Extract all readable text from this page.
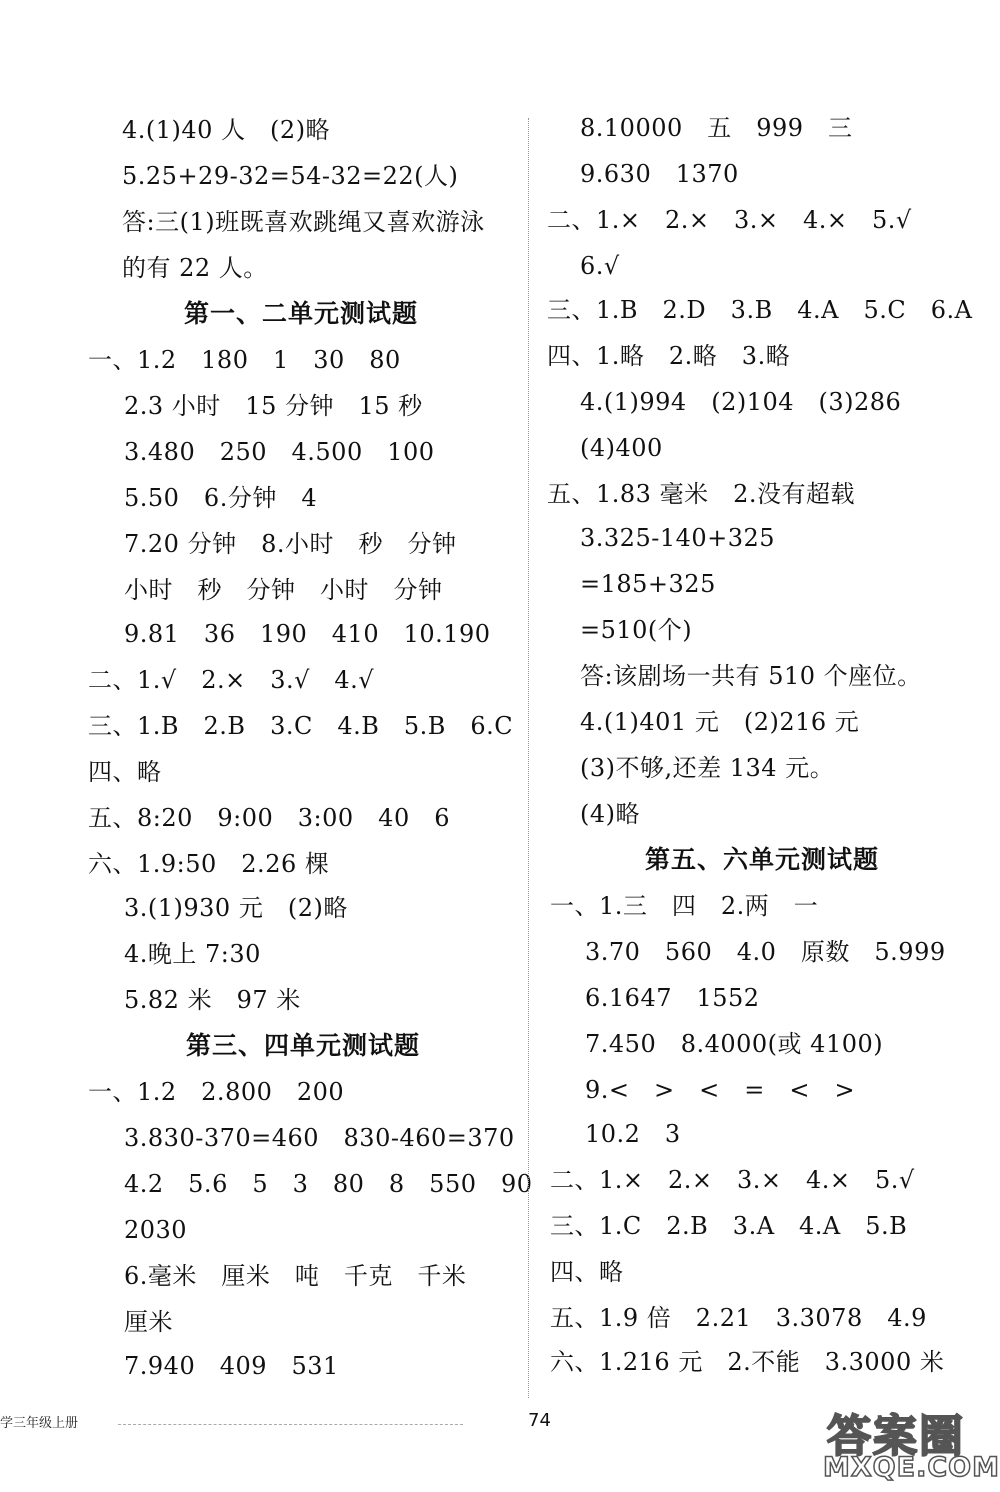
4.(1)40 人　(2)略
5.25+29-32=54-32=22(人)
答:三(1)班既喜欢跳绳又喜欢游泳
的有 22 人。
第一、二单元测试题
一、1.2　180　1　30　80
2.3 小时　15 分钟　15 秒
3.480　250　4.500　100
5.50　6.分钟　4
7.20 分钟　8.小时　秒　分钟
小时　秒　分钟　小时　分钟
9.81　36　190　410　10.190
二、1.√　2.×　3.√　4.√
三、1.B　2.B　3.C　4.B　5.B　6.C
四、略
五、8:20　9:00　3:00　40　6
六、1.9:50　2.26 棵
3.(1)930 元　(2)略
4.晚上 7:30
5.82 米　97 米
第三、四单元测试题
一、1.2　2.800　200
3.830-370=460　830-460=370
4.2　5.6　5　3　80　8　550　90
2030
6.毫米　厘米　吨　千克　千米
厘米
7.940　409　531
8.10000　五　999　三
9.630　1370
二、1.×　2.×　3.×　4.×　5.√
6.√
三、1.B　2.D　3.B　4.A　5.C　6.A
四、1.略　2.略　3.略
4.(1)994　(2)104　(3)286
(4)400
五、1.83 毫米　2.没有超载
3.325-140+325
=185+325
=510(个)
答:该剧场一共有 510 个座位。
4.(1)401 元　(2)216 元
(3)不够,还差 134 元。
(4)略
第五、六单元测试题
一、1.三　四　2.两　一
3.70　560　4.0　原数　5.999
6.1647　1552
7.450　8.4000(或 4100)
9.<　>　<　=　<　>
10.2　3
二、1.×　2.×　3.×　4.×　5.√
三、1.C　2.B　3.A　4.A　5.B
四、略
五、1.9 倍　2.21　3.3078　4.9
六、1.216 元　2.不能　3.3000 米
学三年级上册	74	答案圈
MXQE.COM
